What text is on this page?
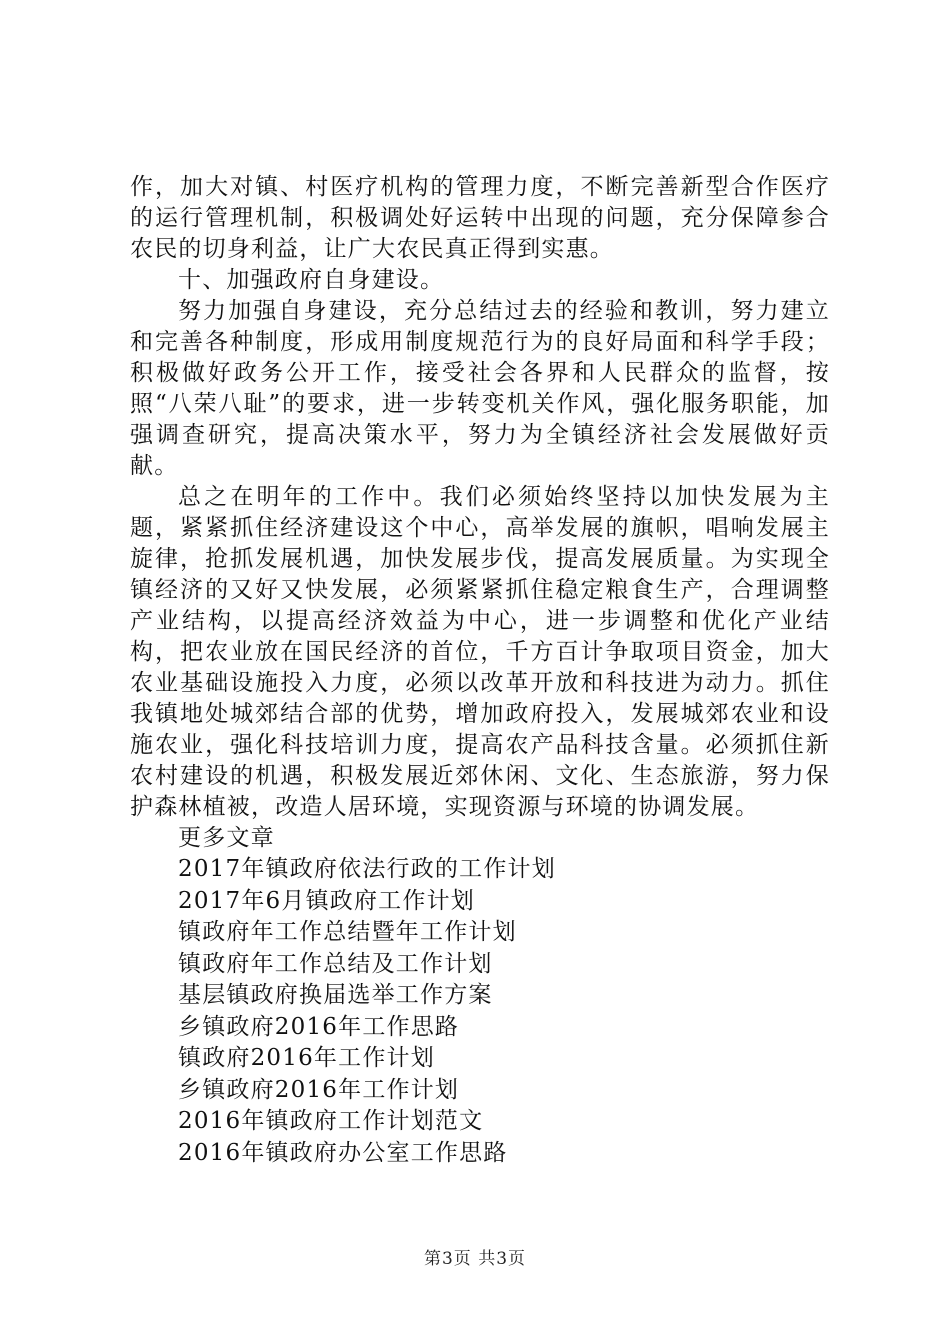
作，加大对镇、村医疗机构的管理力度，不断完善新型合作医疗的运行管理机制，积极调处好运转中出现的问题，充分保障参合农民的切身利益，让广大农民真正得到实惠。

十、加强政府自身建设。

努力加强自身建设，充分总结过去的经验和教训，努力建立和完善各种制度，形成用制度规范行为的良好局面和科学手段；积极做好政务公开工作，接受社会各界和人民群众的监督，按照“八荣八耻”的要求，进一步转变机关作风，强化服务职能，加强调查研究，提高决策水平，努力为全镇经济社会发展做好贡献。

总之在明年的工作中。我们必须始终坚持以加快发展为主题，紧紧抓住经济建设这个中心，高举发展的旗帜，唱响发展主旋律，抢抓发展机遇，加快发展步伐，提高发展质量。为实现全镇经济的又好又快发展，必须紧紧抓住稳定粮食生产，合理调整产业结构，以提高经济效益为中心，进一步调整和优化产业结构，把农业放在国民经济的首位，千方百计争取项目资金，加大农业基础设施投入力度，必须以改革开放和科技进为动力。抓住我镇地处城郊结合部的优势，增加政府投入，发展城郊农业和设施农业，强化科技培训力度，提高农产品科技含量。必须抓住新农村建设的机遇，积极发展近郊休闲、文化、生态旅游，努力保护森林植被，改造人居环境，实现资源与环境的协调发展。

更多文章

2017年镇政府依法行政的工作计划
2017年6月镇政府工作计划
镇政府年工作总结暨年工作计划
镇政府年工作总结及工作计划
基层镇政府换届选举工作方案
乡镇政府2016年工作思路
镇政府2016年工作计划
乡镇政府2016年工作计划
2016年镇政府工作计划范文
2016年镇政府办公室工作思路
第3页 共3页
